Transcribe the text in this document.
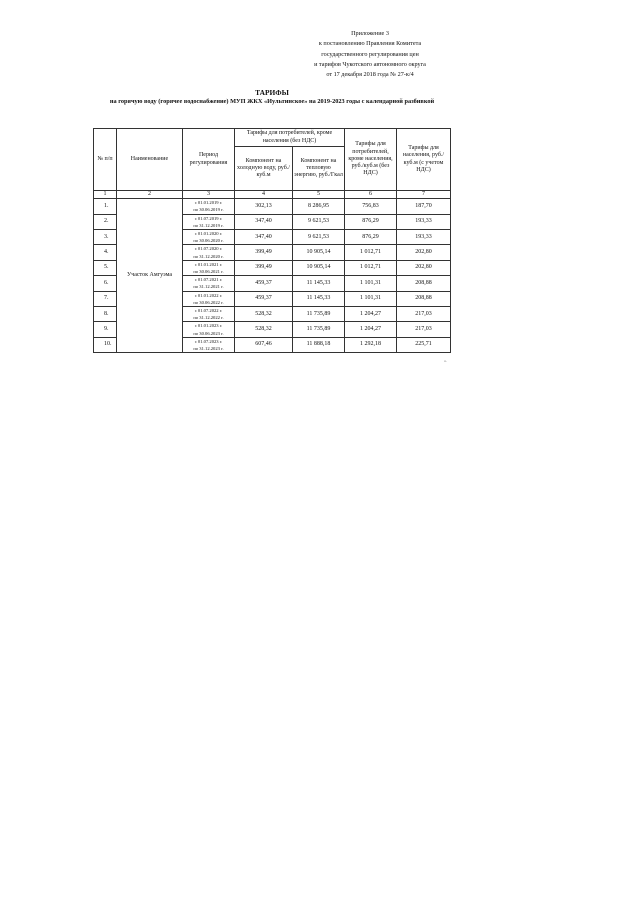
Приложение 3
к постановлению Правления Комитета
государственного регулирования цен
и тарифов Чукотского автономного округа
от 17 декабря 2018 года № 27-к/4
ТАРИФЫ
на горячую воду (горячее водоснабжение) МУП ЖКХ «Иультинское» на 2019-2023 годы с календарной разбивкой
№ п/п	Наименование	Период регулирования	Тарифы для потребителей, кроме населения (без НДС)		Тарифы для потребителей, кроме населения, руб./куб.м (без НДС)	Тарифы для населения, руб./куб.м (с учетом НДС)
			Компонент на холодную воду, руб./куб.м	Компонент на тепловую энергию, руб./Гкал		
1	2	3	4	5	6	7
1.	Участок Амгуэма	с 01.01.2019 г.
по 30.06.2019 г.	302,13	8 286,95	756,83	187,70
2.		с 01.07.2019 г.
по 31.12.2019 г.	347,40	9 621,53	876,29	193,33
3.		с 01.01.2020 г.
по 30.06.2020 г.	347,40	9 621,53	876,29	193,33
4.		с 01.07.2020 г.
по 31.12.2020 г.	399,49	10 905,14	1 012,71	202,80
5.		с 01.01.2021 г.
по 30.06.2021 г.	399,49	10 905,14	1 012,71	202,80
6.		с 01.07.2021 г.
по 31.12.2021 г.	459,37	11 145,33	1 101,31	208,88
7.		с 01.01.2022 г.
по 30.06.2022 г.	459,37	11 145,33	1 101,31	208,88
8.		с 01.07.2022 г.
по 31.12.2022 г.	528,32	11 735,89	1 204,27	217,03
9.		с 01.01.2023 г.
по 30.06.2023 г.	528,32	11 735,89	1 204,27	217,03
10.		с 01.07.2023 г.
по 31.12.2023 г.	607,46	11 888,18	1 292,18	225,71
».
